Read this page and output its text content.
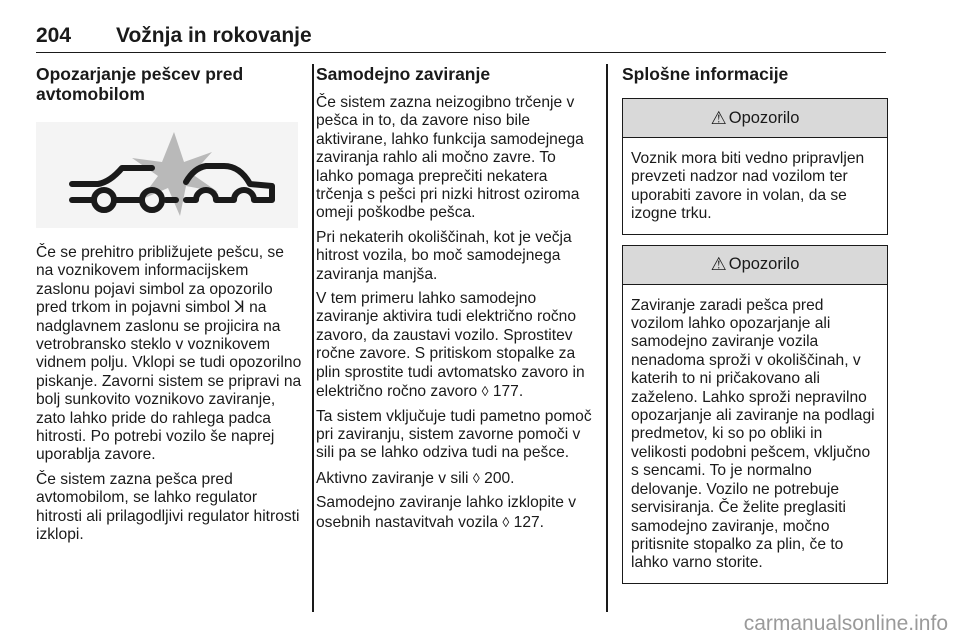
204 Vožnja in rokovanje
Opozarjanje pešcev pred avtomobilom

Če se prehitro približujete pešcu, se na voznikovem informacijskem zaslonu pojavi simbol za opozorilo pred trkom in pojavni simbol ꓘ na nadglavnem zaslonu se projicira na vetrobransko steklo v voznikovem vidnem polju. Vklopi se tudi opozorilno piskanje. Zavorni sistem se pripravi na bolj sunkovito voznikovo zaviranje, zato lahko pride do rahlega padca hitrosti. Po potrebi vozilo še naprej uporablja zavore.

Če sistem zazna pešca pred avtomobilom, se lahko regulator hitrosti ali prilagodljivi regulator hitrosti izklopi.

Samodejno zaviranje

Če sistem zazna neizogibno trčenje v pešca in to, da zavore niso bile aktivirane, lahko funkcija samodejnega zaviranja rahlo ali močno zavre. To lahko pomaga preprečiti nekatera trčenja s pešci pri nizki hitrost oziroma omeji poškodbe pešca.

Pri nekaterih okoliščinah, kot je večja hitrost vozila, bo moč samodejnega zaviranja manjša.

V tem primeru lahko samodejno zaviranje aktivira tudi električno ročno zavoro, da zaustavi vozilo. Sprostitev ročne zavore. S pritiskom stopalke za plin sprostite tudi avtomatsko zavoro in električno ročno zavoro ◊ 177.

Ta sistem vključuje tudi pametno pomoč pri zaviranju, sistem zavorne pomoči v sili pa se lahko odziva tudi na pešce.

Aktivno zaviranje v sili ◊ 200.

Samodejno zaviranje lahko izklopite v osebnih nastavitvah vozila ◊ 127.

Splošne informacije
⚠ Opozorilo
Voznik mora biti vedno pripravljen prevzeti nadzor nad vozilom ter uporabiti zavore in volan, da se izogne trku.
⚠ Opozorilo
Zaviranje zaradi pešca pred vozilom lahko opozarjanje ali samodejno zaviranje vozila nenadoma sproži v okoliščinah, v katerih to ni pričakovano ali zaželeno. Lahko sproži nepravilno opozarjanje ali zaviranje na podlagi predmetov, ki so po obliki in velikosti podobni pešcem, vključno s sencami. To je normalno delovanje. Vozilo ne potrebuje servisiranja. Če želite preglasiti samodejno zaviranje, močno pritisnite stopalko za plin, če to lahko varno storite.
carmanualsonline.info
